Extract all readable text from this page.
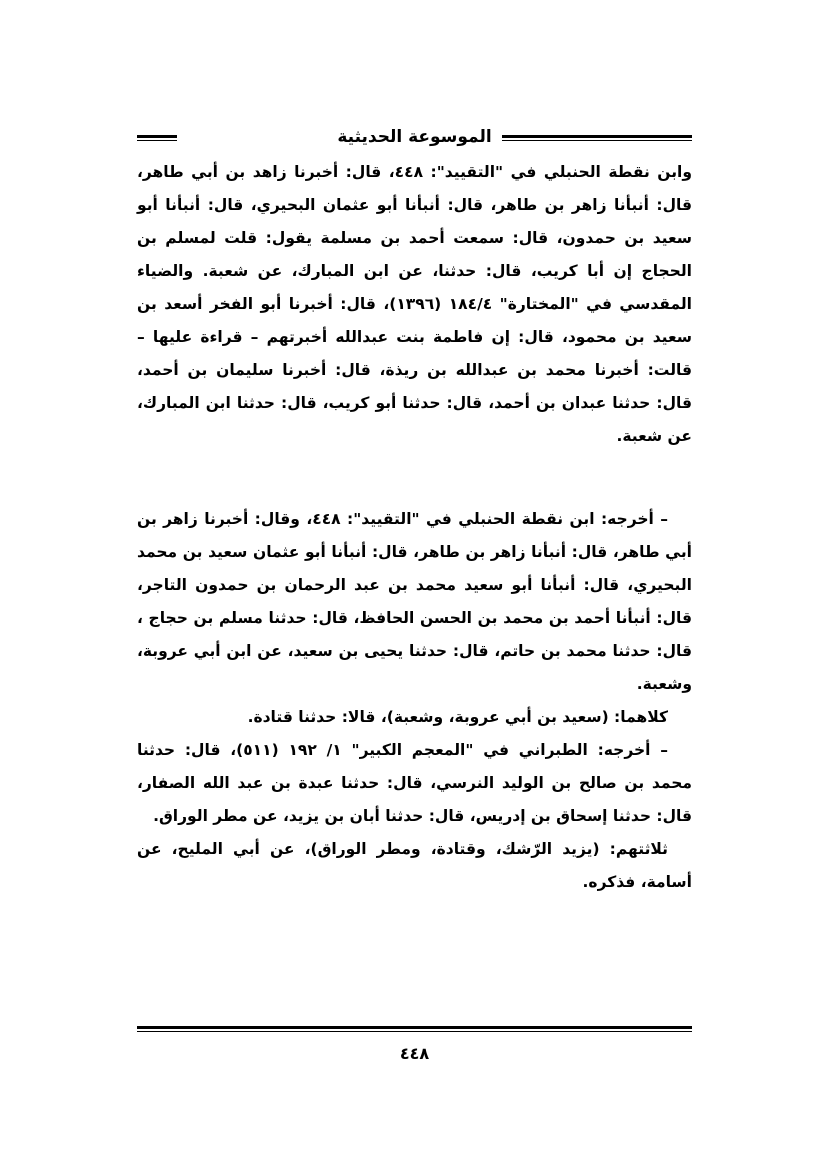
الموسوعة الحديثية

وابن نقطة الحنبلي في "التقييد": ٤٤٨، قال: أخبرنا زاهد بن أبي طاهر، قال: أنبأنا زاهر بن طاهر، قال: أنبأنا أبو عثمان البحيري، قال: أنبأنا أبو سعيد بن حمدون، قال: سمعت أحمد بن مسلمة يقول: قلت لمسلم بن الحجاج إن أبا كريب، قال: حدثنا، عن ابن المبارك، عن شعبة. والضياء المقدسي في "المختارة" ١٨٤/٤ (١٣٩٦)، قال: أخبرنا أبو الفخر أسعد بن سعيد بن محمود، قال: إن فاطمة بنت عبدالله أخبرتهم – قراءة عليها – قالت: أخبرنا محمد بن عبدالله بن ريذة، قال: أخبرنا سليمان بن أحمد، قال: حدثنا عبدان بن أحمد، قال: حدثنا أبو كريب، قال: حدثنا ابن المبارك، عن شعبة.

– أخرجه: ابن نقطة الحنبلي في "التقييد": ٤٤٨، وقال: أخبرنا زاهر بن أبي طاهر، قال: أنبأنا زاهر بن طاهر، قال: أنبأنا أبو عثمان سعيد بن محمد البحيري، قال: أنبأنا أبو سعيد محمد بن عبد الرحمان بن حمدون التاجر، قال: أنبأنا أحمد بن محمد بن الحسن الحافظ، قال: حدثنا مسلم بن حجاج ، قال: حدثنا محمد بن حاتم، قال: حدثنا يحيى بن سعيد، عن ابن أبي عروبة، وشعبة.

كلاهما: (سعيد بن أبي عروبة، وشعبة)، قالا: حدثنا قتادة.

– أخرجه: الطبراني في "المعجم الكبير" ١/ ١٩٢ (٥١١)، قال: حدثنا محمد بن صالح بن الوليد النرسي، قال: حدثنا عبدة بن عبد الله الصفار، قال: حدثنا إسحاق بن إدريس، قال: حدثنا أبان بن يزيد، عن مطر الوراق.

ثلاثتهم: (يزيد الرّشك، وقتادة، ومطر الوراق)، عن أبي المليح، عن أسامة، فذكره.

٤٤٨
